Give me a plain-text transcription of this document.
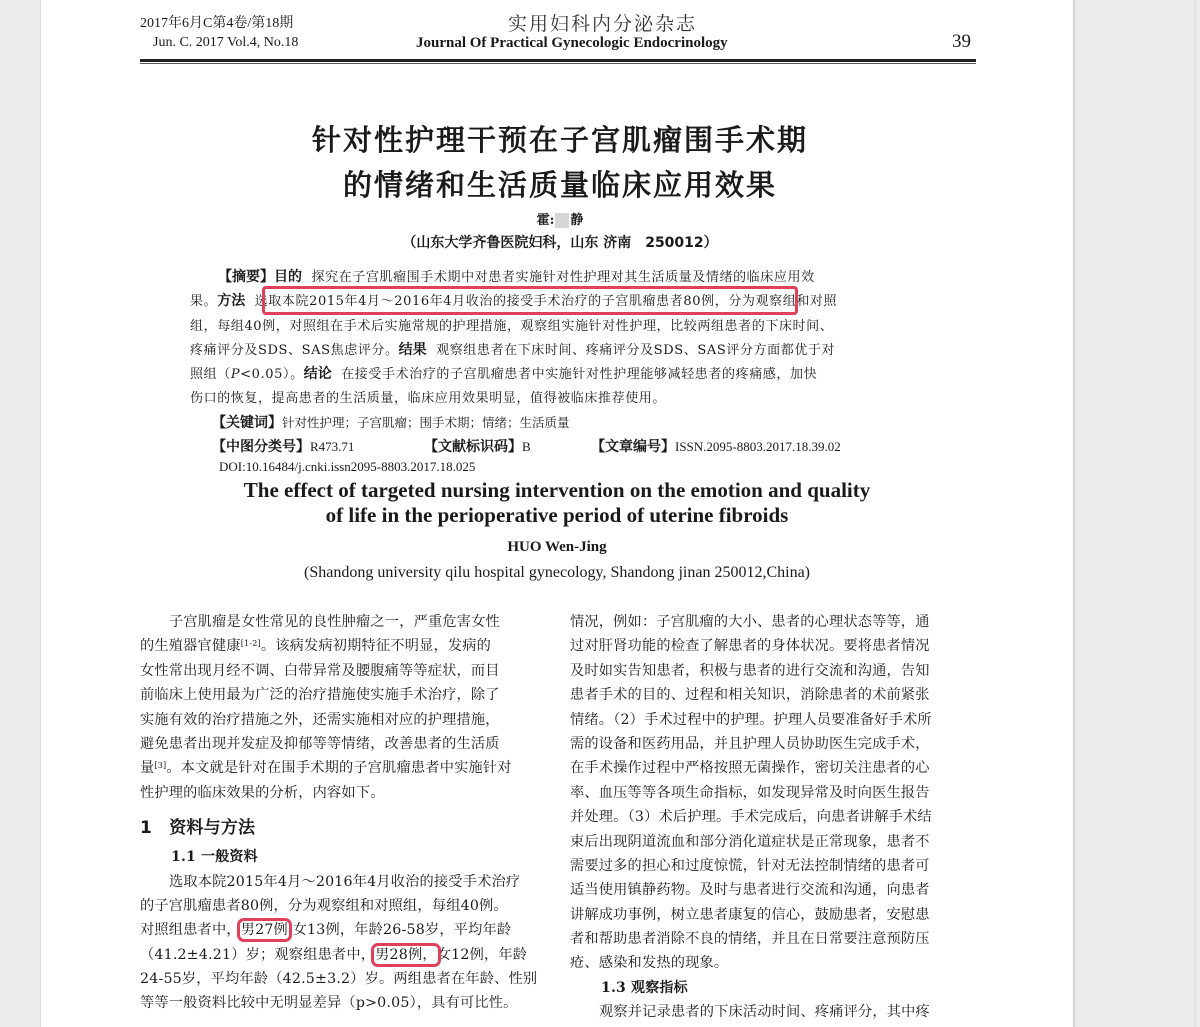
2017年6月C第4卷/第18期
Jun. C. 2017 Vol.4, No.18
实用妇科内分泌杂志
Journal Of Practical Gynecologic Endocrinology	39
针对性护理干预在子宫肌瘤围手术期
的情绪和生活质量临床应用效果
霍: 静
（山东大学齐鲁医院妇科，山东 济南　250012）
【摘要】目的 探究在子宫肌瘤围手术期中对患者实施针对性护理对其生活质量及情绪的临床应用效
果。方法 选取本院2015年4月～2016年4月收治的接受手术治疗的子宫肌瘤患者80例，分为观察组和对照
组，每组40例，对照组在手术后实施常规的护理措施，观察组实施针对性护理，比较两组患者的下床时间、
疼痛评分及SDS、SAS焦虑评分。结果 观察组患者在下床时间、疼痛评分及SDS、SAS评分方面都优于对
照组（P<0.05）。结论 在接受手术治疗的子宫肌瘤患者中实施针对性护理能够减轻患者的疼痛感，加快
伤口的恢复，提高患者的生活质量，临床应用效果明显，值得被临床推荐使用。
【关键词】针对性护理；子宫肌瘤；围手术期；情绪；生活质量
【中图分类号】R473.71	【文献标识码】B	【文章编号】ISSN.2095-8803.2017.18.39.02
DOI:10.16484/j.cnki.issn2095-8803.2017.18.025
The effect of targeted nursing intervention on the emotion and quality
of life in the perioperative period of uterine fibroids
HUO Wen-Jing
(Shandong university qilu hospital gynecology, Shandong jinan 250012,China)
子宫肌瘤是女性常见的良性肿瘤之一，严重危害女性
的生殖器官健康[1-2]。该病发病初期特征不明显，发病的
女性常出现月经不调、白带异常及腰腹痛等等症状，而目
前临床上使用最为广泛的治疗措施使实施手术治疗，除了
实施有效的治疗措施之外，还需实施相对应的护理措施，
避免患者出现并发症及抑郁等等情绪，改善患者的生活质
量[3]。本文就是针对在围手术期的子宫肌瘤患者中实施针对
性护理的临床效果的分析，内容如下。
1　资料与方法
1.1 一般资料
选取本院2015年4月～2016年4月收治的接受手术治疗
的子宫肌瘤患者80例，分为观察组和对照组，每组40例。
对照组患者中，男27例 女13例，年龄26-58岁，平均年龄
（41.2±4.21）岁；观察组患者中，男28例，女12例，年龄
24-55岁，平均年龄（42.5±3.2）岁。两组患者在年龄、性别
等等一般资料比较中无明显差异（p>0.05），具有可比性。
情况，例如：子宫肌瘤的大小、患者的心理状态等等，通
过对肝肾功能的检查了解患者的身体状况。要将患者情况
及时如实告知患者，积极与患者的进行交流和沟通，告知
患者手术的目的、过程和相关知识，消除患者的术前紧张
情绪。（2）手术过程中的护理。护理人员要准备好手术所
需的设备和医药用品，并且护理人员协助医生完成手术，
在手术操作过程中严格按照无菌操作，密切关注患者的心
率、血压等等各项生命指标，如发现异常及时向医生报告
并处理。（3）术后护理。手术完成后，向患者讲解手术结
束后出现阴道流血和部分消化道症状是正常现象，患者不
需要过多的担心和过度惊慌，针对无法控制情绪的患者可
适当使用镇静药物。及时与患者进行交流和沟通，向患者
讲解成功事例，树立患者康复的信心，鼓励患者，安慰患
者和帮助患者消除不良的情绪，并且在日常要注意预防压
疮、感染和发热的现象。
1.3 观察指标
观察并记录患者的下床活动时间、疼痛评分，其中疼
